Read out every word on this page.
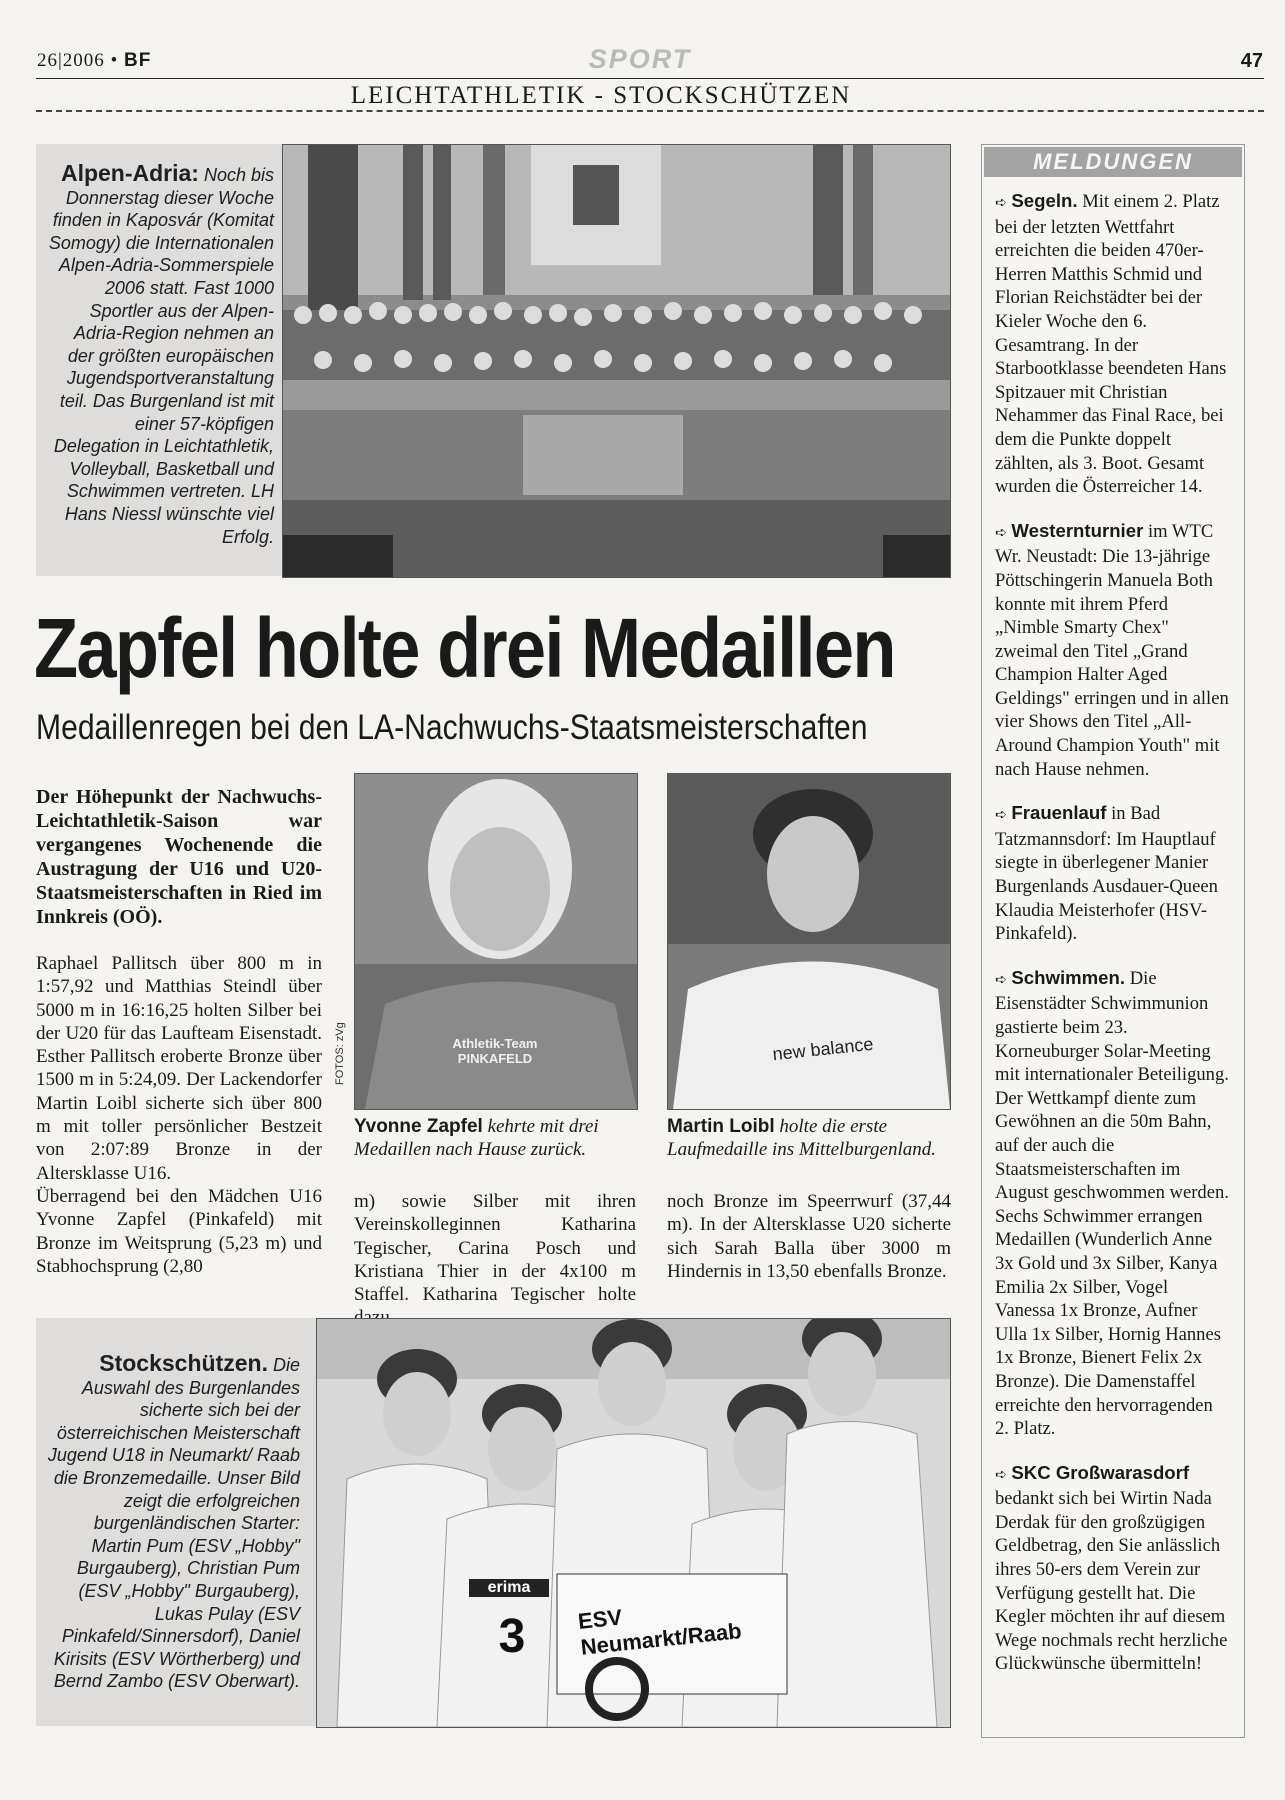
26|2006 • BF	SPORT	47
LEICHTATHLETIK - STOCKSCHÜTZEN
Alpen-Adria: Noch bis Donnerstag dieser Woche finden in Kaposvár (Komitat Somogy) die Internationalen Alpen-Adria-Sommerspiele 2006 statt. Fast 1000 Sportler aus der Alpen-Adria-Region nehmen an der größten europäischen Jugendsportveranstaltung teil. Das Burgenland ist mit einer 57-köpfigen Delegation in Leichtathletik, Volleyball, Basketball und Schwimmen vertreten. LH Hans Niessl wünschte viel Erfolg.
Zapfel holte drei Medaillen
Medaillenregen bei den LA-Nachwuchs-Staatsmeisterschaften
Der Höhepunkt der Nachwuchs-Leichtathletik-Saison war vergangenes Wochenende die Austragung der U16 und U20-Staatsmeisterschaften in Ried im Innkreis (OÖ).

Raphael Pallitsch über 800 m in 1:57,92 und Matthias Steindl über 5000 m in 16:16,25 holten Silber bei der U20 für das Laufteam Eisenstadt. Esther Pallitsch eroberte Bronze über 1500 m in 5:24,09. Der Lackendorfer Martin Loibl sicherte sich über 800 m mit toller persönlicher Bestzeit von 2:07:89 Bronze in der Altersklasse U16.

Überragend bei den Mädchen U16 Yvonne Zapfel (Pinkafeld) mit Bronze im Weitsprung (5,23 m) und Stabhochsprung (2,80

Athletik-Team PINKAFELD
FOTOS: zVg	new balance
Yvonne Zapfel kehrte mit drei Medaillen nach Hause zurück.
Martin Loibl holte die erste Laufmedaille ins Mittelburgenland.
m) sowie Silber mit ihren Vereinskolleginnen Katharina Tegischer, Carina Posch und Kristiana Thier in der 4x100 m Staffel. Katharina Tegischer holte
noch Bronze im Speerrwurf (37,44 m). In der Altersklasse U20 sicherte sich Sarah Balla über 3000 m Hindernis in 13,50 ebenfalls Bronze.
Stockschützen. Die Auswahl des Burgenlandes sicherte sich bei der österreichischen Meisterschaft Jugend U18 in Neumarkt/ Raab die Bronzemedaille. Unser Bild zeigt die erfolgreichen burgenländischen Starter: Martin Pum (ESV „Hobby" Burgauberg), Christian Pum (ESV „Hobby" Burgauberg), Lukas Pulay (ESV Pinkafeld/Sinnersdorf), Daniel Kirisits (ESV Wörtherberg) und Bernd Zambo (ESV Oberwart).
ESV Neumarkt/Raab
erima
3
MELDUNGEN
➪ Segeln. Mit einem 2. Platz bei der letzten Wettfahrt erreichten die beiden 470er-Herren Matthis Schmid und Florian Reichstädter bei der Kieler Woche den 6. Gesamtrang. In der Starbootklasse beendeten Hans Spitzauer mit Christian Nehammer das Final Race, bei dem die Punkte doppelt zählten, als 3. Boot. Gesamt wurden die Österreicher 14.
➪ Westernturnier im WTC Wr. Neustadt: Die 13-jährige Pöttschingerin Manuela Both konnte mit ihrem Pferd „Nimble Smarty Chex" zweimal den Titel „Grand Champion Halter Aged Geldings" erringen und in allen vier Shows den Titel „All-Around Champion Youth" mit nach Hause nehmen.
➪ Frauenlauf in Bad Tatzmannsdorf: Im Hauptlauf siegte in überlegener Manier Burgenlands Ausdauer-Queen Klaudia Meisterhofer (HSV-Pinkafeld).
➪ Schwimmen. Die Eisenstädter Schwimmunion gastierte beim 23. Korneuburger Solar-Meeting mit internationaler Beteiligung. Der Wettkampf diente zum Gewöhnen an die 50m Bahn, auf der auch die Staatsmeisterschaften im August geschwommen werden. Sechs Schwimmer errangen Medaillen (Wunderlich Anne 3x Gold und 3x Silber, Kanya Emilia 2x Silber, Vogel Vanessa 1x Bronze, Aufner Ulla 1x Silber, Hornig Hannes 1x Bronze, Bienert Felix 2x Bronze). Die Damenstaffel erreichte den hervorragenden 2. Platz.
➪ SKC Großwarasdorf bedankt sich bei Wirtin Nada Derdak für den großzügigen Geldbetrag, den Sie anlässlich ihres 50-ers dem Verein zur Verfügung gestellt hat. Die Kegler möchten ihr auf diesem Wege nochmals recht herzliche Glückwünsche übermitteln!
